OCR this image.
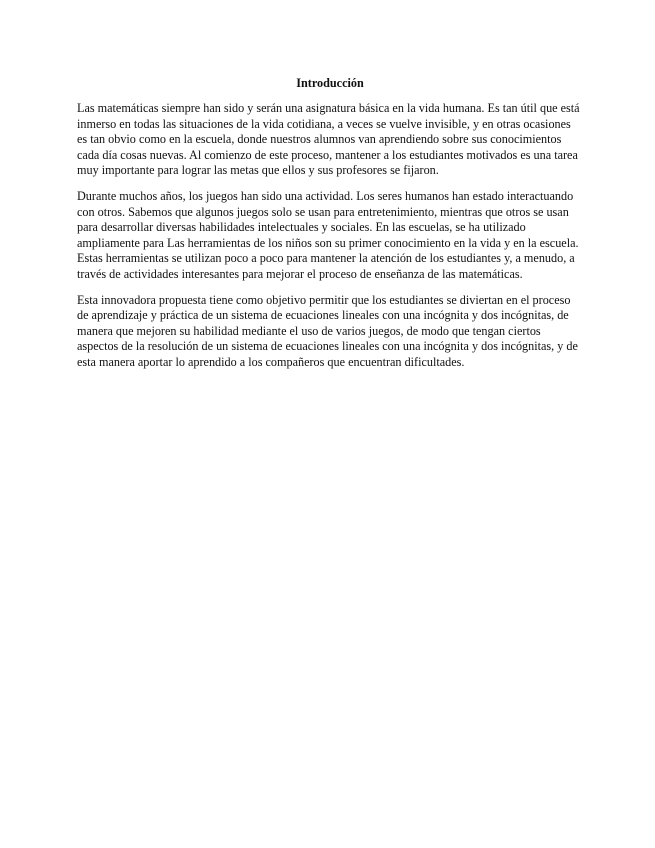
Introducción

Las matemáticas siempre han sido y serán una asignatura básica en la vida humana. Es tan útil que está inmerso en todas las situaciones de la vida cotidiana, a veces se vuelve invisible, y en otras ocasiones es tan obvio como en la escuela, donde nuestros alumnos van aprendiendo sobre sus conocimientos cada día cosas nuevas. Al comienzo de este proceso, mantener a los estudiantes motivados es una tarea muy importante para lograr las metas que ellos y sus profesores se fijaron.

Durante muchos años, los juegos han sido una actividad. Los seres humanos han estado interactuando con otros. Sabemos que algunos juegos solo se usan para entretenimiento, mientras que otros se usan para desarrollar diversas habilidades intelectuales y sociales. En las escuelas, se ha utilizado ampliamente para Las herramientas de los niños son su primer conocimiento en la vida y en la escuela. Estas herramientas se utilizan poco a poco para mantener la atención de los estudiantes y, a menudo, a través de actividades interesantes para mejorar el proceso de enseñanza de las matemáticas.

Esta innovadora propuesta tiene como objetivo permitir que los estudiantes se diviertan en el proceso de aprendizaje y práctica de un sistema de ecuaciones lineales con una incógnita y dos incógnitas, de manera que mejoren su habilidad mediante el uso de varios juegos, de modo que tengan ciertos aspectos de la resolución de un sistema de ecuaciones lineales con una incógnita y dos incógnitas, y de esta manera aportar lo aprendido a los compañeros que encuentran dificultades.
